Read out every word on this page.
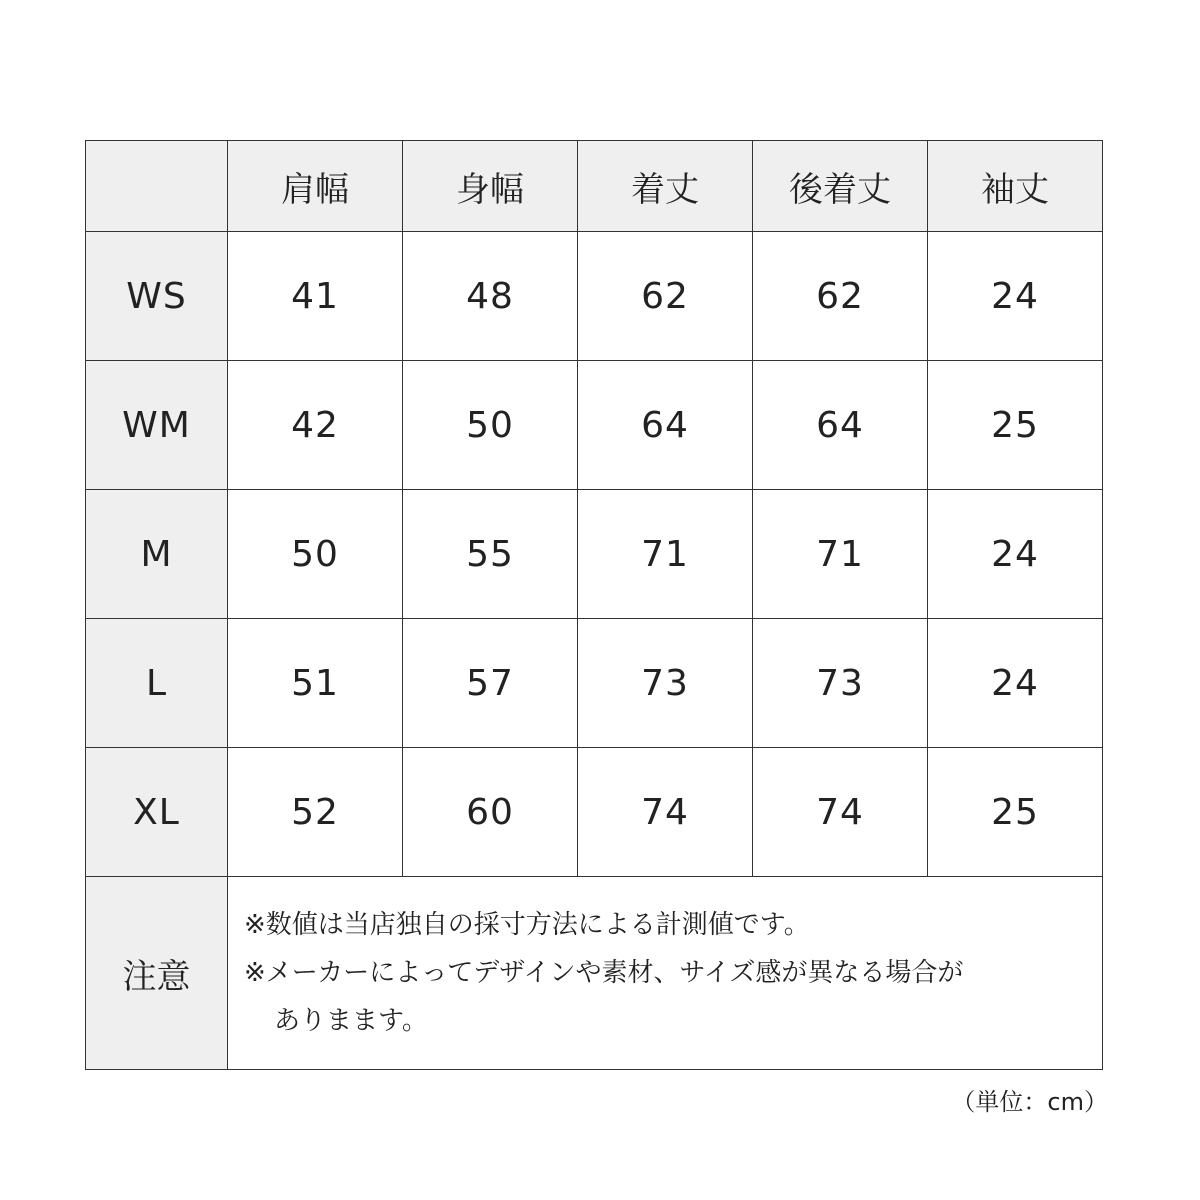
	肩幅	身幅	着丈	後着丈	袖丈
WS	41	48	62	62	24
WM	42	50	64	64	25
M	50	55	71	71	24
L	51	57	73	73	24
XL	52	60	74	74	25
注意	※数値は当店独自の採寸方法による計測値です。
※メーカーによってデザインや素材、サイズ感が異なる場合が
ありまます。				
（単位：cm）
